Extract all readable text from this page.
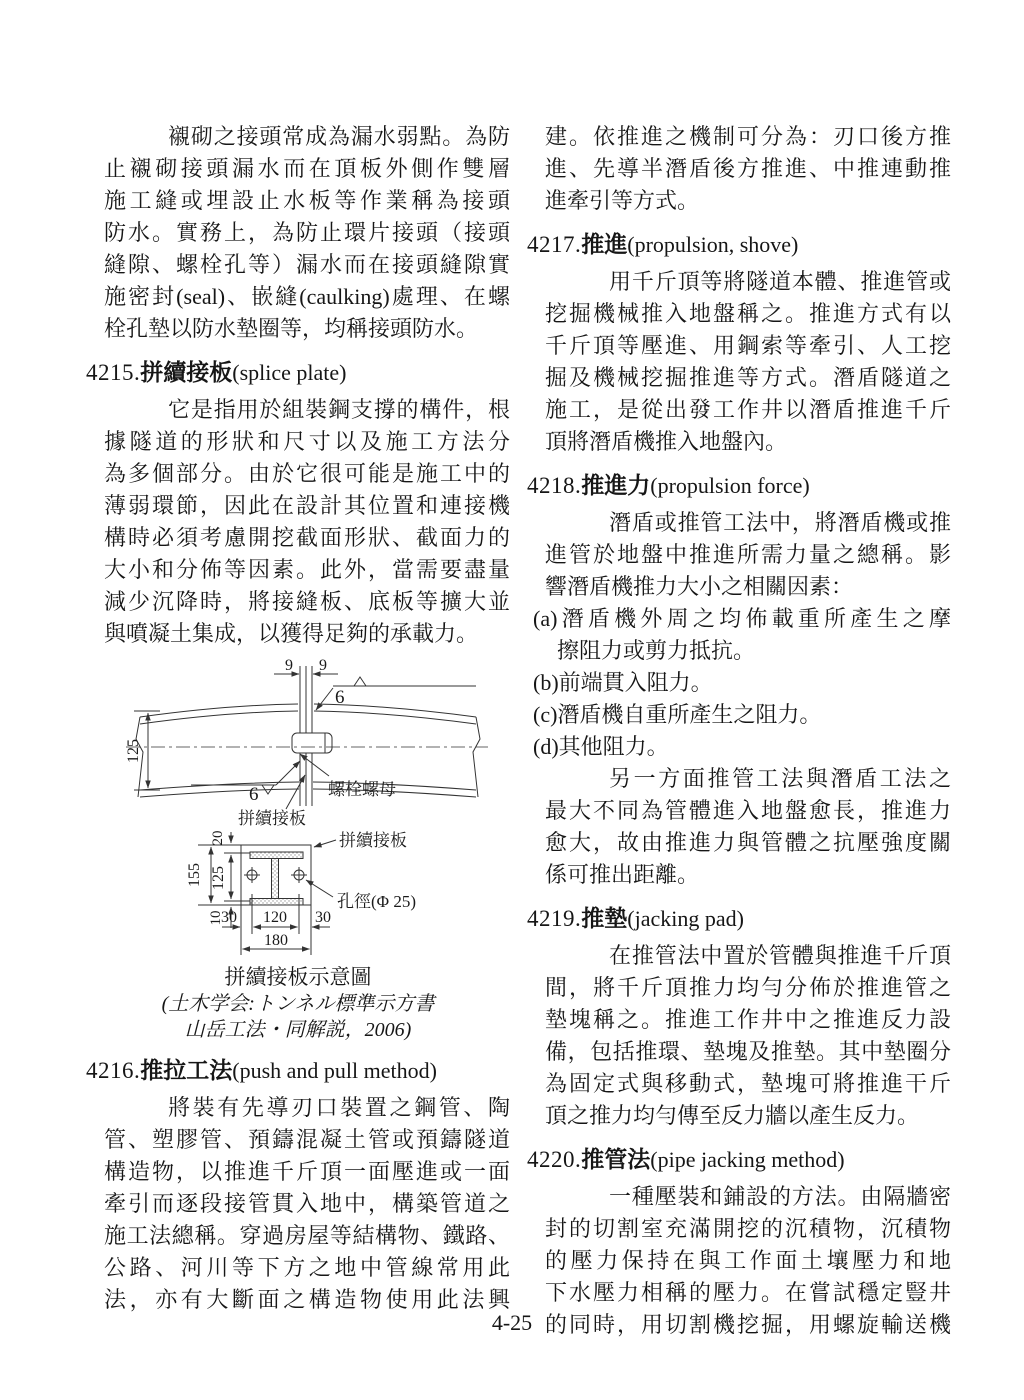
襯砌之接頭常成為漏水弱點。為防
止襯砌接頭漏水而在頂板外側作雙層
施工縫或埋設止水板等作業稱為接頭
防水。實務上，為防止環片接頭（接頭
縫隙、螺栓孔等）漏水而在接頭縫隙實
施密封(seal)、嵌縫(caulking)處理、在螺
栓孔墊以防水墊圈等，均稱接頭防水。
4215.拼續接板(splice plate)
它是指用於組裝鋼支撐的構件，根
據隧道的形狀和尺寸以及施工方法分
為多個部分。由於它很可能是施工中的
薄弱環節，因此在設計其位置和連接機
構時必須考慮開挖截面形狀、截面力的
大小和分佈等因素。此外，當需要盡量
減少沉降時，將接縫板、底板等擴大並
與噴凝土集成，以獲得足夠的承載力。
9 9
6
6
125
螺栓螺母
拼續接板
155 125
20
10
30 120 30
180
拼續接板
孔徑(Φ 25)
拼續接板示意圖
(土木学会:トンネル標準示方書
山岳工法・同解説，2006)
4216.推拉工法(push and pull method)
將裝有先導刃口裝置之鋼管、陶
管、塑膠管、預鑄混凝土管或預鑄隧道
構造物，以推進千斤頂一面壓進或一面
牽引而逐段接管貫入地中，構築管道之
施工法總稱。穿過房屋等結構物、鐵路、
公路、河川等下方之地中管線常用此
法，亦有大斷面之構造物使用此法興
建。依推進之機制可分為：刃口後方推
進、先導半潛盾後方推進、中推連動推
進牽引等方式。
4217.推進(propulsion, shove)
用千斤頂等將隧道本體、推進管或
挖掘機械推入地盤稱之。推進方式有以
千斤頂等壓進、用鋼索等牽引、人工挖
掘及機械挖掘推進等方式。潛盾隧道之
施工，是從出發工作井以潛盾推進千斤
頂將潛盾機推入地盤內。
4218.推進力(propulsion force)
潛盾或推管工法中，將潛盾機或推
進管於地盤中推進所需力量之總稱。影
響潛盾機推力大小之相關因素：
(a)潛盾機外周之均佈載重所產生之摩
擦阻力或剪力抵抗。
(b)前端貫入阻力。
(c)潛盾機自重所產生之阻力。
(d)其他阻力。
另一方面推管工法與潛盾工法之
最大不同為管體進入地盤愈長，推進力
愈大，故由推進力與管體之抗壓強度關
係可推出距離。
4219.推墊(jacking pad)
在推管法中置於管體與推進千斤頂
間，將千斤頂推力均勻分佈於推進管之
墊塊稱之。推進工作井中之推進反力設
備，包括推環、墊塊及推墊。其中墊圈分
為固定式與移動式，墊塊可將推進干斤
頂之推力均勻傳至反力牆以產生反力。
4220.推管法(pipe jacking method)
一種壓裝和鋪設的方法。由隔牆密
封的切割室充滿開挖的沉積物，沉積物
的壓力保持在與工作面土壤壓力和地
下水壓力相稱的壓力。在嘗試穩定豎井
的同時，用切割機挖掘，用螺旋輸送機
4-25
